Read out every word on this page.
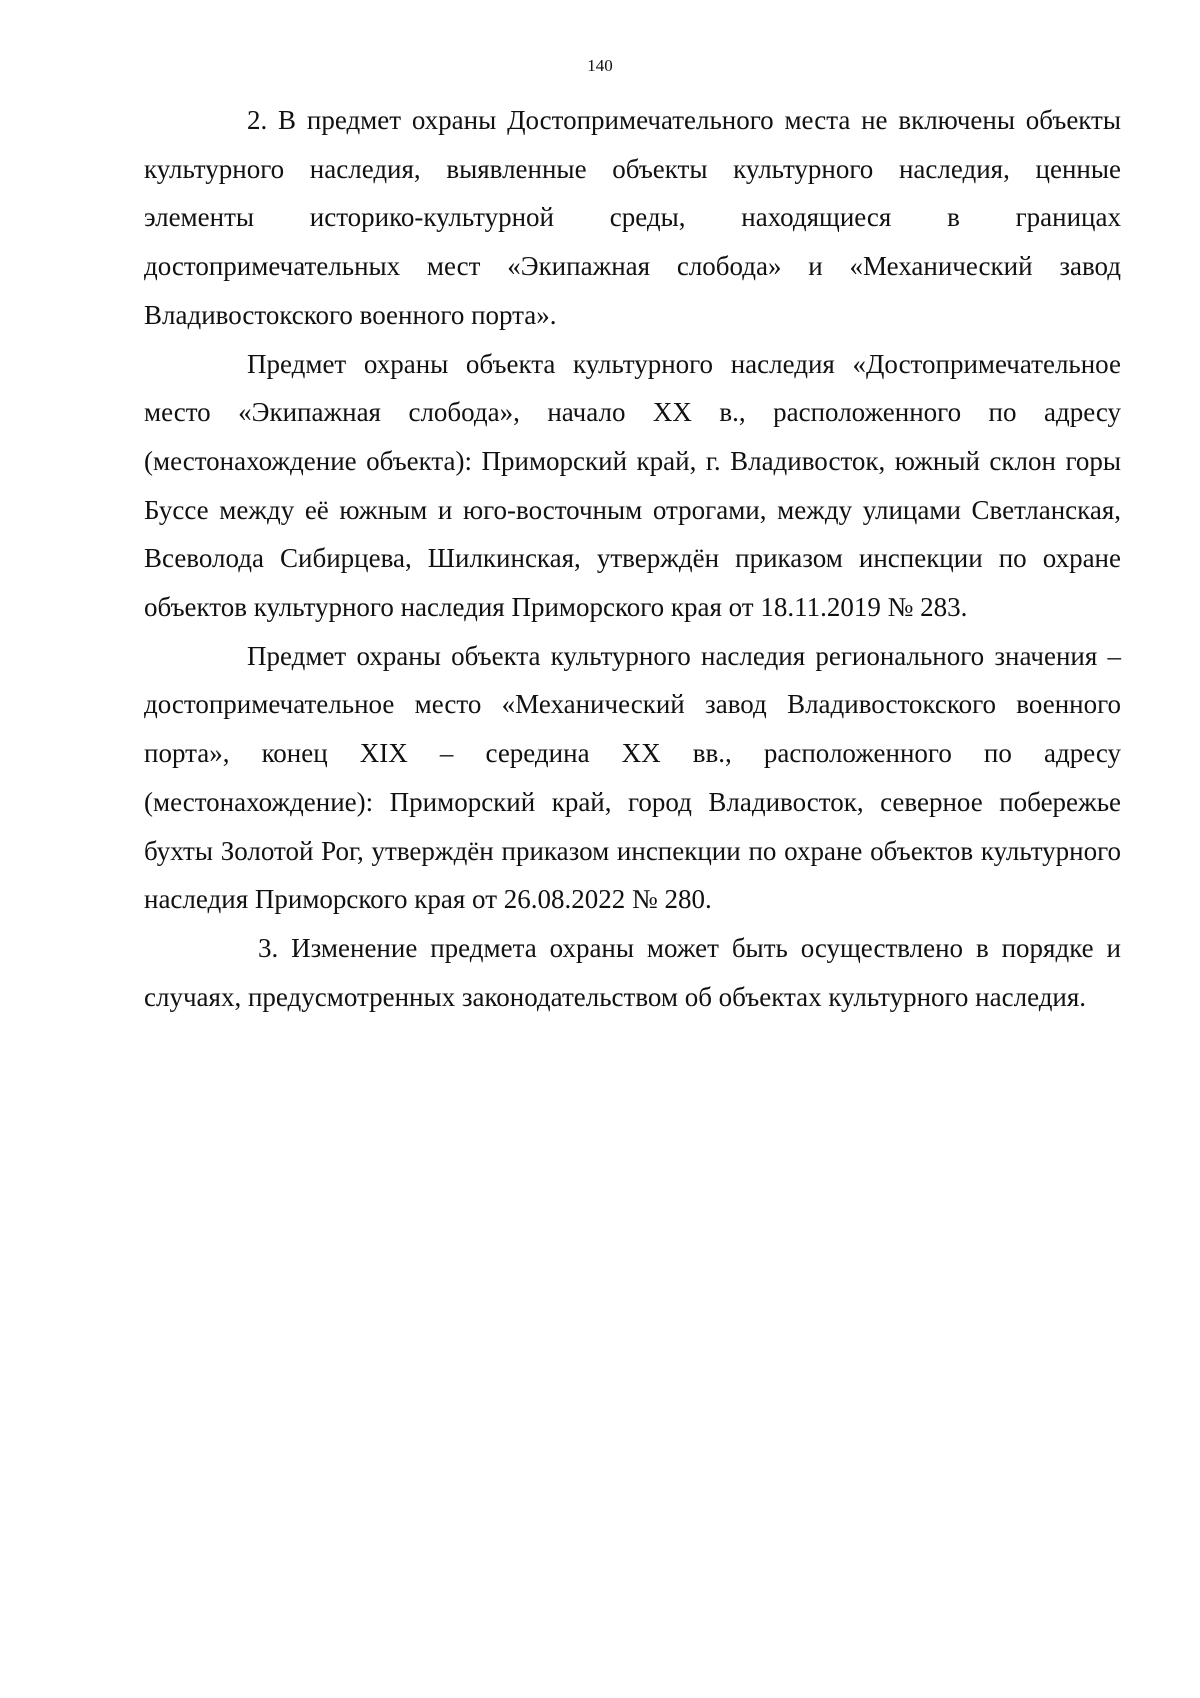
140

2. В предмет охраны Достопримечательного места не включены объекты культурного наследия, выявленные объекты культурного наследия, ценные элементы историко-культурной среды, находящиеся в границах достопримечательных мест «Экипажная слобода» и «Механический завод Владивостокского военного порта».

Предмет охраны объекта культурного наследия «Достопримечательное место «Экипажная слобода», начало XX в., расположенного по адресу (местонахождение объекта): Приморский край, г. Владивосток, южный склон горы Буссе между её южным и юго-восточным отрогами, между улицами Светланская, Всеволода Сибирцева, Шилкинская, утверждён приказом инспекции по охране объектов культурного наследия Приморского края от 18.11.2019 № 283.

Предмет охраны объекта культурного наследия регионального значения – достопримечательное место «Механический завод Владивостокского военного порта», конец XIX – середина XX вв., расположенного по адресу (местонахождение): Приморский край, город Владивосток, северное побережье бухты Золотой Рог, утверждён приказом инспекции по охране объектов культурного наследия Приморского края от 26.08.2022 № 280.

3. Изменение предмета охраны может быть осуществлено в порядке и случаях, предусмотренных законодательством об объектах культурного наследия.
